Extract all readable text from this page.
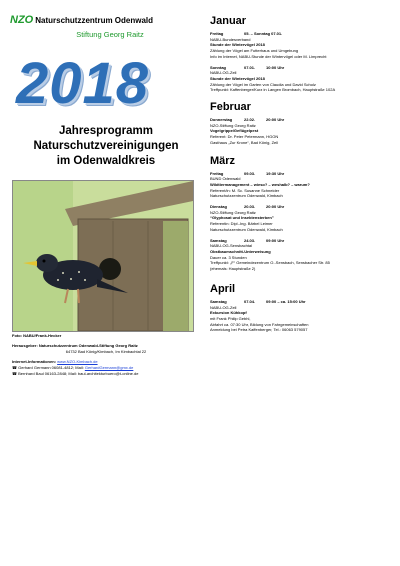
NZO Naturschutzzentrum Odenwald
Stiftung Georg Raitz
2018
Jahresprogramm
Naturschutzvereinigungen
im Odenwaldkreis
Foto: NABU/Frank-Hecker
Herausgeber: Naturschutzzentrum Odenwald-Stiftung Georg Raitz
64732 Bad König/Kimbach, Im Kimbachtal 22
Internet-Informationen: www.NZO-Kimbach.de
☎ Gerhard Germann 06081-4812; Mail: GerhardGermann@gmx.de
☎ Bernhard Baul 06163-2848; Mail: baul-architekturbuero@t-online.de
Januar
Freitag	05. – Sonntag 07.01.
NABU-Bundesverband
Stunde der Wintervögel 2018
Zählung der Vögel am Futterhaus und Umgebung
Info im Internet, NABU-Stunde der Wintervögel oder M. Limprecht
Sonntag	07.01.	10:00 Uhr
NABU-OG-Zell
Stunde der Wintervögel 2018
Zählung der Vögel im Garten von Claudia und David Scholz
Treffpunkt: Kaffenberger/Kurz in Langen Brombach, Hauptstraße 102A
Februar
Donnerstag	22.02.	20:00 Uhr
NZO-Stiftung Georg Raitz
Vogelgrippe/Geflügelpest
Referent: Dr. Peter Petermann, HGON
Gasthaus „Zur Krone“, Bad König, Zell
März
Freitag	09.03.	19:30 Uhr
BUND Odenwald
Wildtiermanagement – wieso? – weshalb? – warum?
Referent/in: M. Sc. Susanne Schneider
Naturschutzzentrum Odenwald, Kimbach
Dienstag	20.03.	20:00 Uhr
NZO-Stiftung Georg Raitz
“Glyphosat und Insektensterben”
Referentin: Dipl.-Ing. Bärbel Leimer
Naturschutzzentrum Odenwald, Kimbach
Samstag	24.03.	09:00 Uhr
NABU-OG-Sensbachtal
Obstbaumschnitt-Unterweisung
Dauer ca. 3 Stunden
Treffpunkt: „F“ Gemeindezentrum O.-Sensbach, Sensbacher Str. 85
(ehemals: Hauptstraße 2)
April
Samstag	07.04.	09:00 – ca. 15:00 Uhr
NABU-OG-Zell
Exkursion Kühkopf
mit Frank Philip Gebhl,
Abfahrt ca. 07:30 Uhr, Bildung von Fahrgemeinschaften
Anmeldung bei Petra Kaffenberger, Tel.: 06063 579057
